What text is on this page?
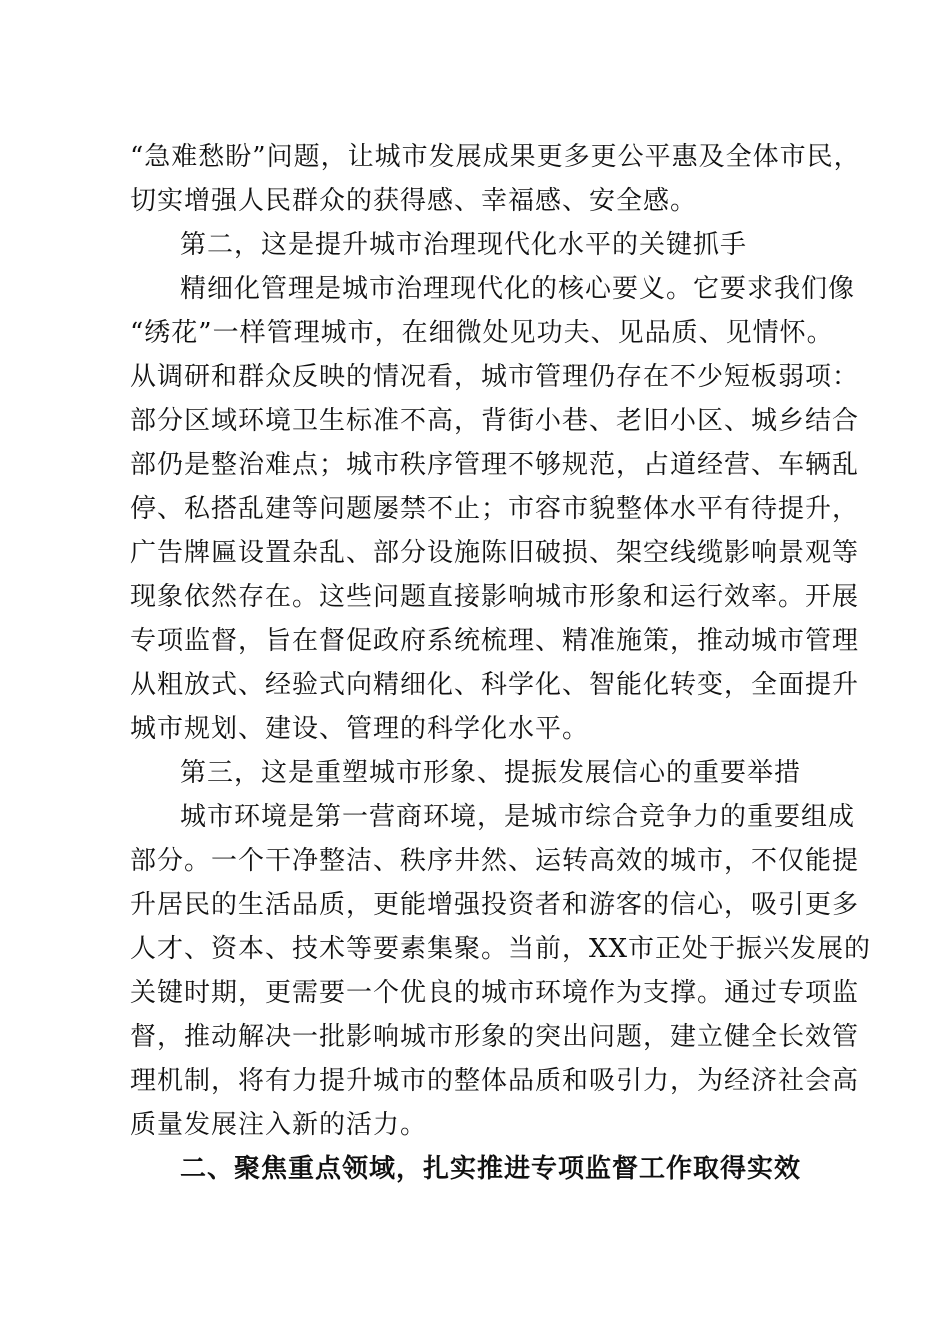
“急难愁盼”问题，让城市发展成果更多更公平惠及全体市民，
切实增强人民群众的获得感、幸福感、安全感。
第二，这是提升城市治理现代化水平的关键抓手
精细化管理是城市治理现代化的核心要义。它要求我们像
“绣花”一样管理城市，在细微处见功夫、见品质、见情怀。
从调研和群众反映的情况看，城市管理仍存在不少短板弱项：
部分区域环境卫生标准不高，背街小巷、老旧小区、城乡结合
部仍是整治难点；城市秩序管理不够规范，占道经营、车辆乱
停、私搭乱建等问题屡禁不止；市容市貌整体水平有待提升，
广告牌匾设置杂乱、部分设施陈旧破损、架空线缆影响景观等
现象依然存在。这些问题直接影响城市形象和运行效率。开展
专项监督，旨在督促政府系统梳理、精准施策，推动城市管理
从粗放式、经验式向精细化、科学化、智能化转变，全面提升
城市规划、建设、管理的科学化水平。
第三，这是重塑城市形象、提振发展信心的重要举措
城市环境是第一营商环境，是城市综合竞争力的重要组成
部分。一个干净整洁、秩序井然、运转高效的城市，不仅能提
升居民的生活品质，更能增强投资者和游客的信心，吸引更多
人才、资本、技术等要素集聚。当前，XX市正处于振兴发展的
关键时期，更需要一个优良的城市环境作为支撑。通过专项监
督，推动解决一批影响城市形象的突出问题，建立健全长效管
理机制，将有力提升城市的整体品质和吸引力，为经济社会高
质量发展注入新的活力。
二、聚焦重点领域，扎实推进专项监督工作取得实效
